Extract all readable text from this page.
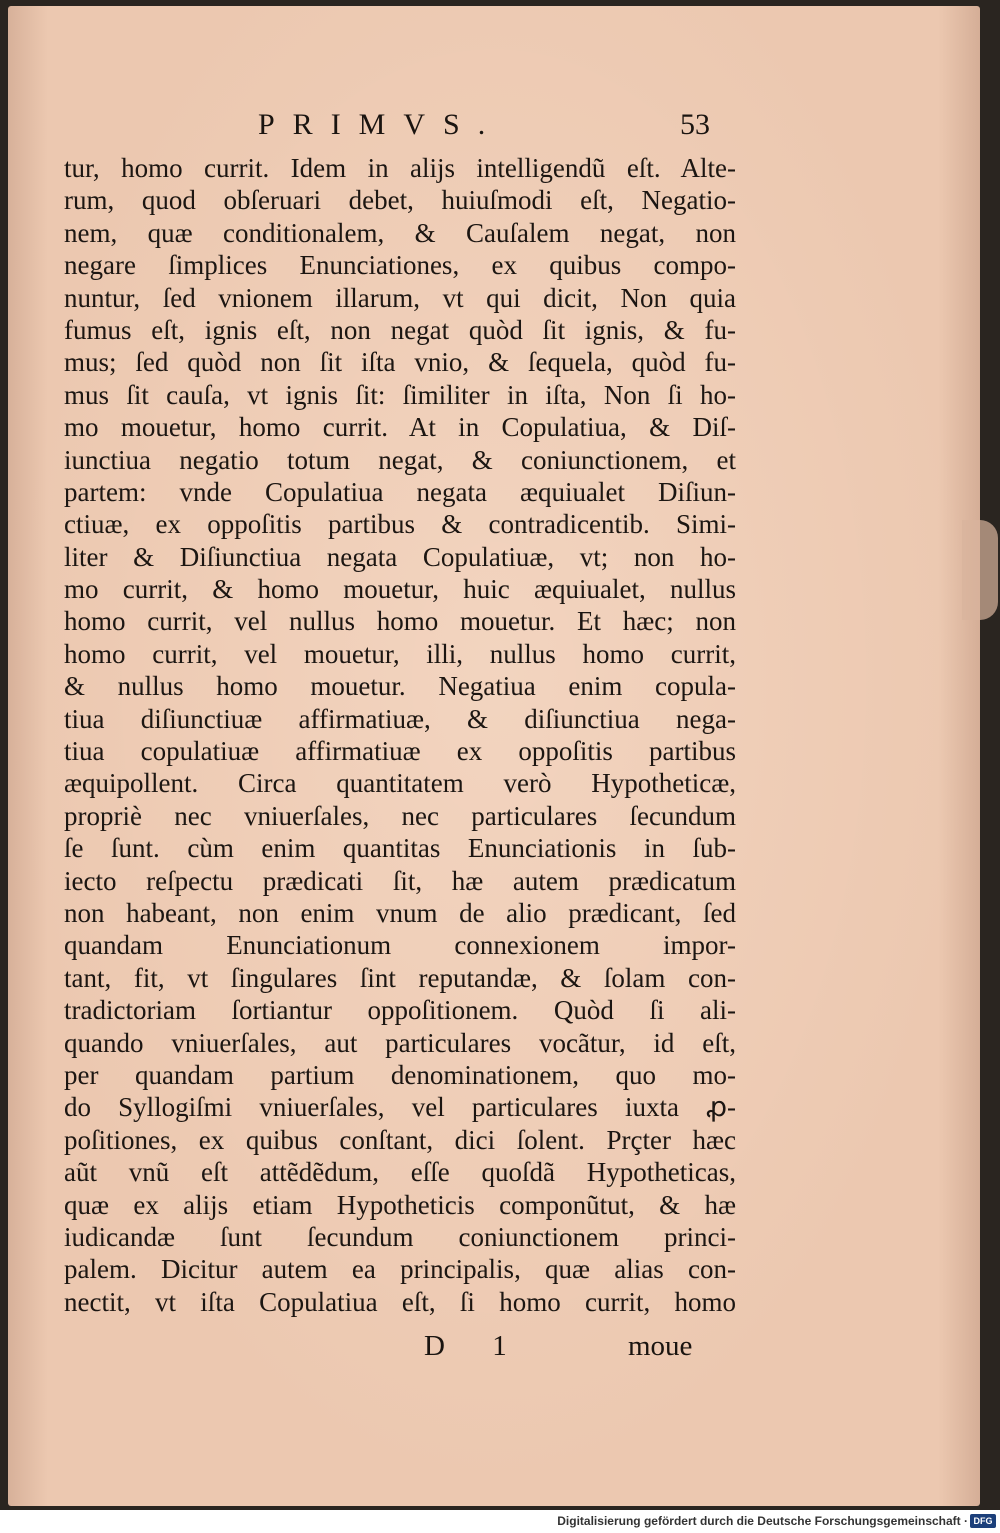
PRIMVS.	53
tur, homo currit. Idem in alijs intelligendũ eſt. Alte-
rum, quod obſeruari debet, huiuſmodi eſt, Negatio-
nem, quæ conditionalem, & Cauſalem negat, non
negare ſimplices Enunciationes, ex quibus compo-
nuntur, ſed vnionem illarum, vt qui dicit, Non quia
fumus eſt, ignis eſt, non negat quòd ſit ignis, & fu-
mus; ſed quòd non ſit iſta vnio, & ſequela, quòd fu-
mus ſit cauſa, vt ignis ſit: ſimiliter in iſta, Non ſi ho-
mo mouetur, homo currit. At in Copulatiua, & Diſ-
iunctiua negatio totum negat, & coniunctionem, et
partem: vnde Copulatiua negata æquiualet Diſiun-
ctiuæ, ex oppoſitis partibus & contradicentib. Simi-
liter & Diſiunctiua negata Copulatiuæ, vt; non ho-
mo currit, & homo mouetur, huic æquiualet, nullus
homo currit, vel nullus homo mouetur. Et hæc; non
homo currit, vel mouetur, illi, nullus homo currit,
& nullus homo mouetur. Negatiua enim copula-
tiua diſiunctiuæ affirmatiuæ, & diſiunctiua nega-
tiua copulatiuæ affirmatiuæ ex oppoſitis partibus
æquipollent. Circa quantitatem verò Hypotheticæ,
propriè nec vniuerſales, nec particulares ſecundum
ſe ſunt. cùm enim quantitas Enunciationis in ſub-
iecto reſpectu prædicati ſit, hæ autem prædicatum
non habeant, non enim vnum de alio prædicant, ſed
quandam Enunciationum connexionem impor-
tant, fit, vt ſingulares ſint reputandæ, & ſolam con-
tradictoriam ſortiantur oppoſitionem. Quòd ſi ali-
quando vniuerſales, aut particulares vocãtur, id eſt,
per quandam partium denominationem, quo mo-
do Syllogiſmi vniuerſales, vel particulares iuxta ꝓ-
poſitiones, ex quibus conſtant, dici ſolent. Prçter hæc
aũt vnũ eſt attẽdẽdum, eſſe quoſdã Hypotheticas,
quæ ex alijs etiam Hypotheticis componũtut, & hæ
iudicandæ ſunt ſecundum coniunctionem princi-
palem. Dicitur autem ea principalis, quæ alias con-
nectit, vt iſta Copulatiua eſt, ſi homo currit, homo
D 1	moue
Digitalisierung gefördert durch die Deutsche Forschungsgemeinschaft · DFG
